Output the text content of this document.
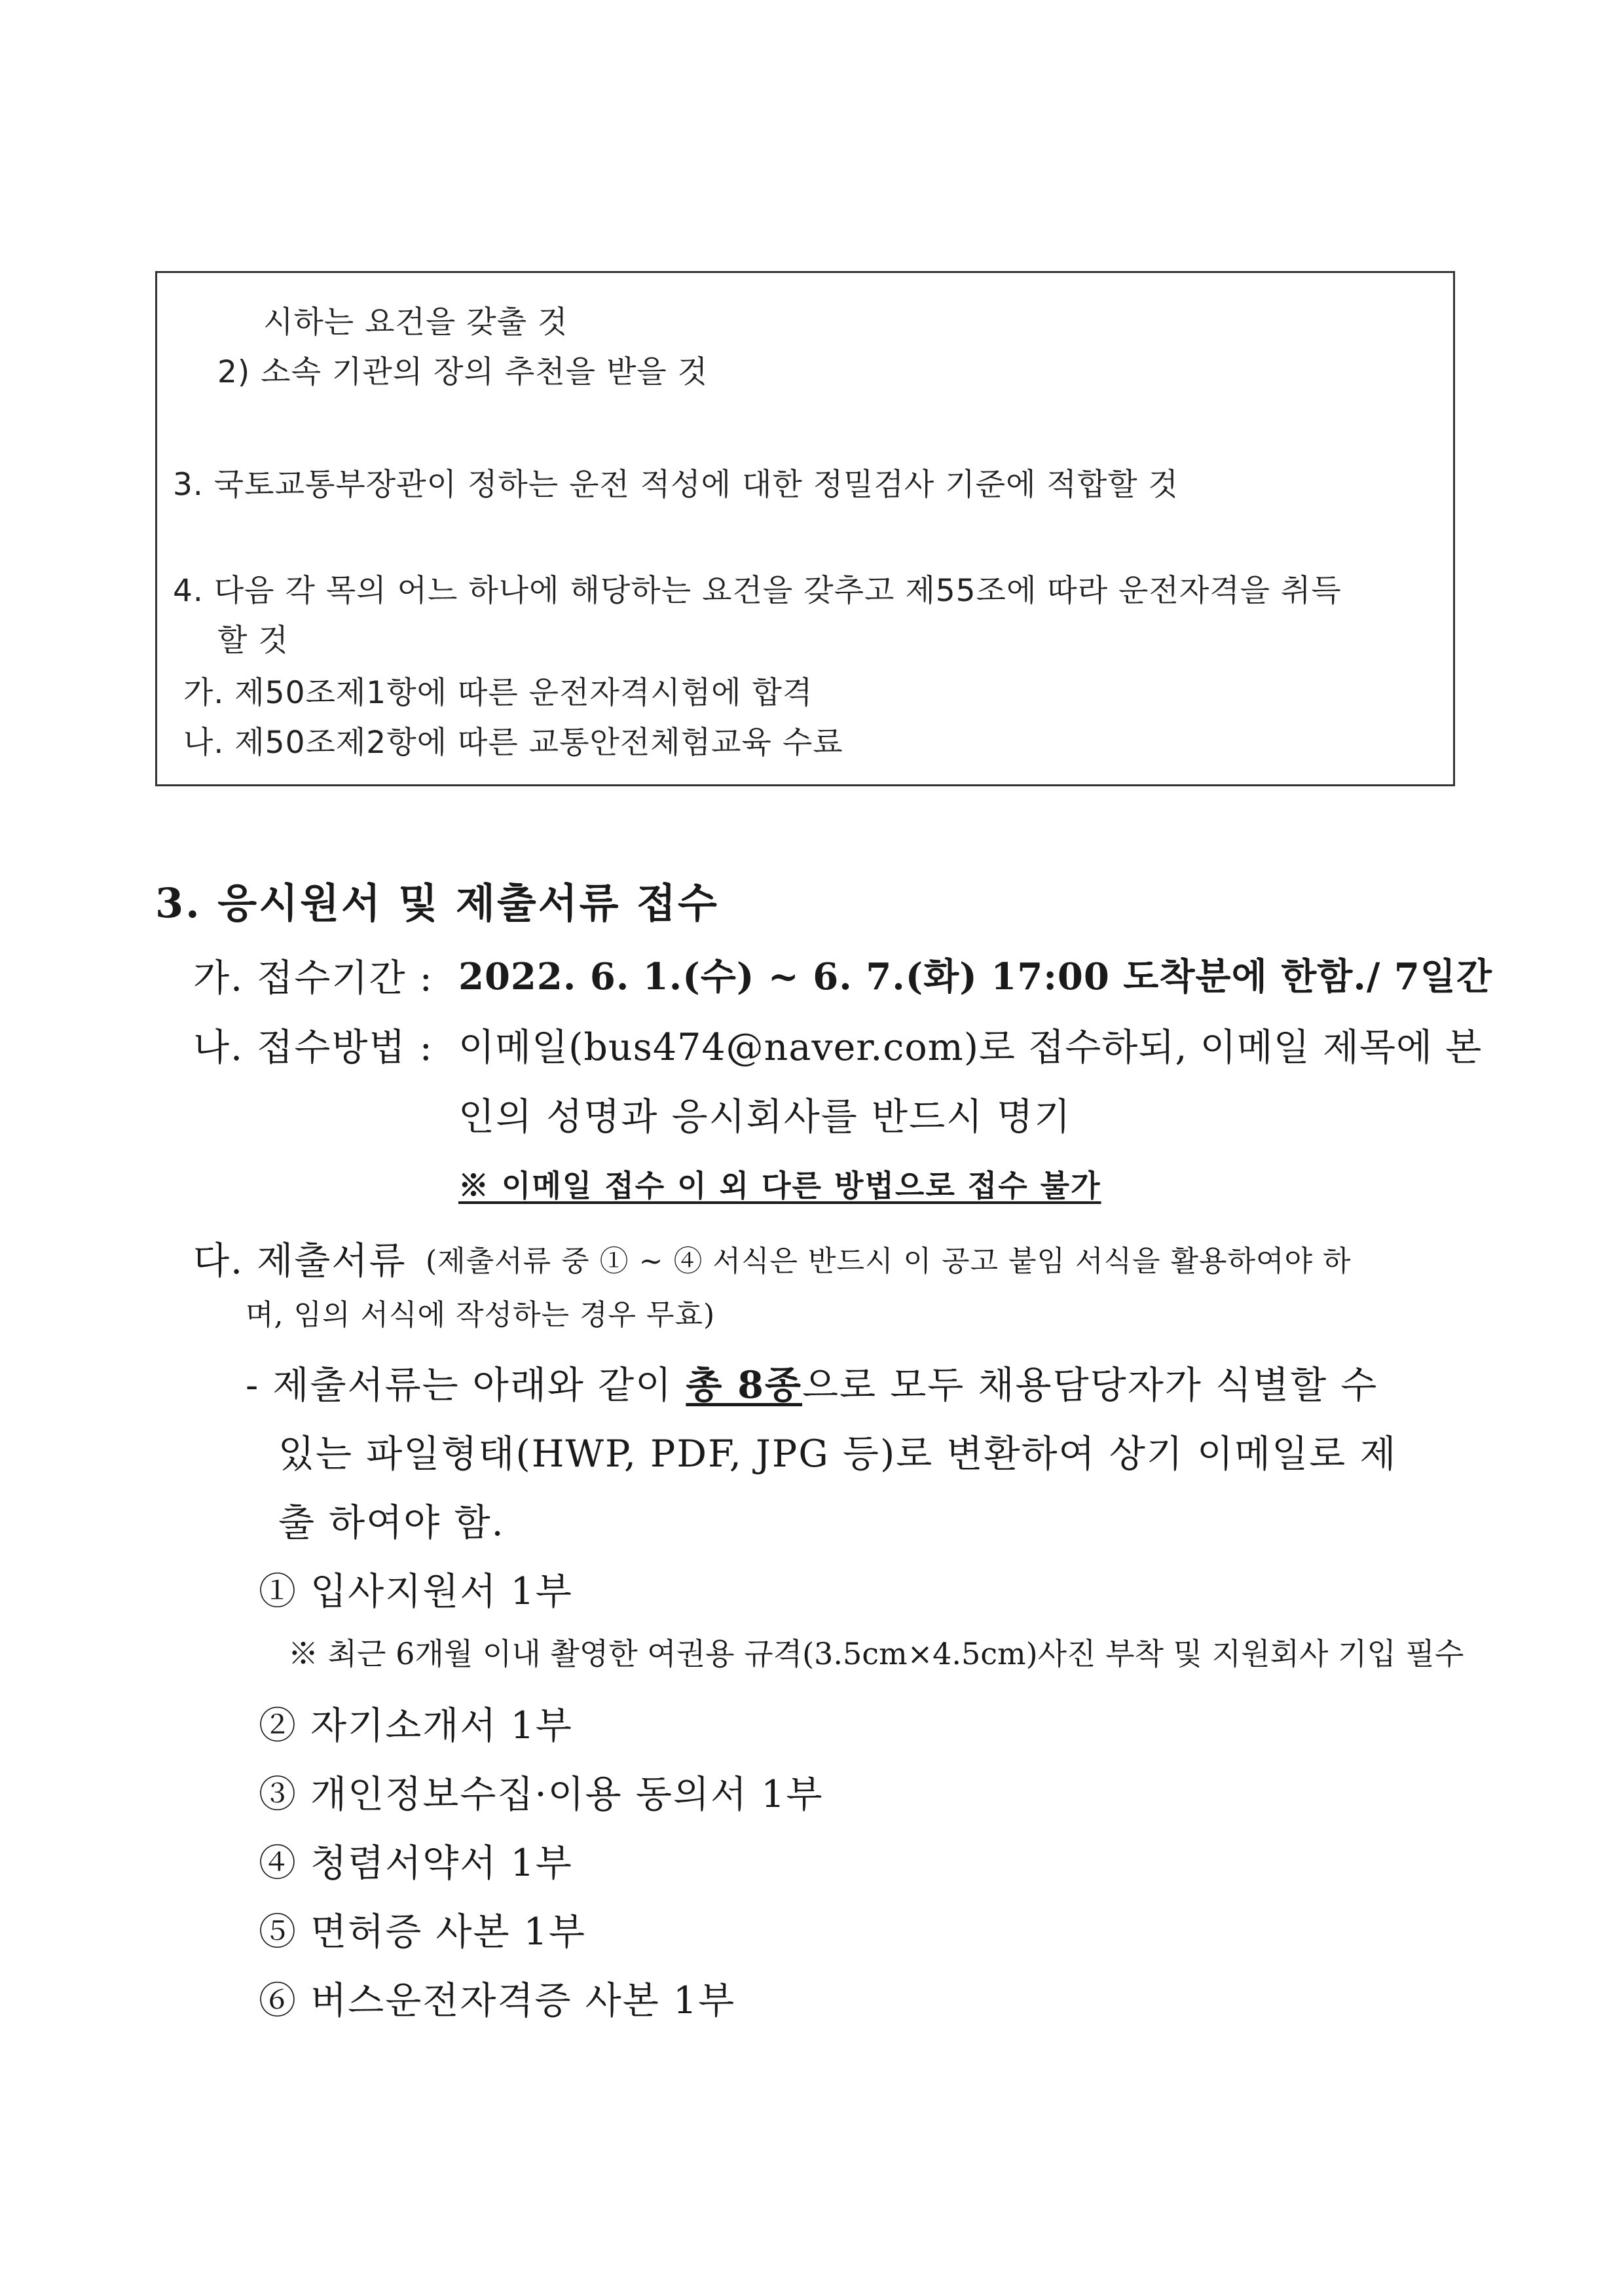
시하는 요건을 갖출 것
2) 소속 기관의 장의 추천을 받을 것
3. 국토교통부장관이 정하는 운전 적성에 대한 정밀검사 기준에 적합할 것
4. 다음 각 목의 어느 하나에 해당하는 요건을 갖추고 제55조에 따라 운전자격을 취득
할 것
가. 제50조제1항에 따른 운전자격시험에 합격
나. 제50조제2항에 따른 교통안전체험교육 수료
3. 응시원서 및 제출서류 접수
가. 접수기간 : 2022. 6. 1.(수) ~ 6. 7.(화) 17:00 도착분에 한함./ 7일간
나. 접수방법 : 이메일(bus474@naver.com)로 접수하되, 이메일 제목에 본
인의 성명과 응시회사를 반드시 명기
※ 이메일 접수 이 외 다른 방법으로 접수 불가
다. 제출서류 (제출서류 중 ① ~ ④ 서식은 반드시 이 공고 붙임 서식을 활용하여야 하
며, 임의 서식에 작성하는 경우 무효)
- 제출서류는 아래와 같이 총 8종으로 모두 채용담당자가 식별할 수
있는 파일형태(HWP, PDF, JPG 등)로 변환하여 상기 이메일로 제
출 하여야 함.
① 입사지원서 1부
※ 최근 6개월 이내 촬영한 여권용 규격(3.5cm×4.5cm)사진 부착 및 지원회사 기입 필수
② 자기소개서 1부
③ 개인정보수집·이용 동의서 1부
④ 청렴서약서 1부
⑤ 면허증 사본 1부
⑥ 버스운전자격증 사본 1부
